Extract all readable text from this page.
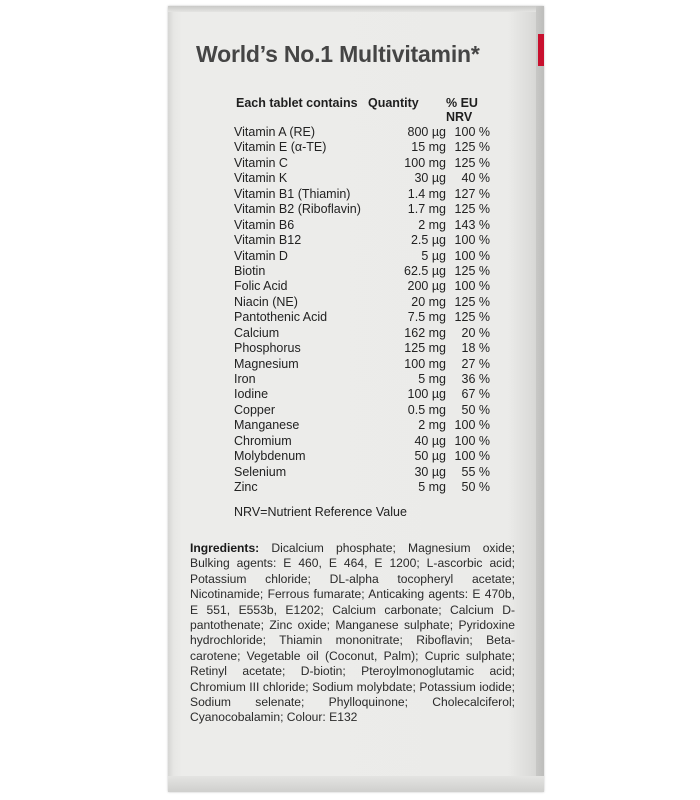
World’s No.1 Multivitamin*
Each tablet contains Quantity % EU
NRV
Vitamin A (RE)	800 µg 100 %
Vitamin E (α-TE)	15 mg 125 %
Vitamin C	100 mg 125 %
Vitamin K	30 µg	40 %
Vitamin B1 (Thiamin)	1.4 mg 127 %
Vitamin B2 (Riboflavin)	1.7 mg 125 %
Vitamin B6	2 mg 143 %
Vitamin B12	2.5 µg 100 %
Vitamin D	5 µg 100 %
Biotin	62.5 µg 125 %
Folic Acid	200 µg 100 %
Niacin (NE)	20 mg 125 %
Pantothenic Acid	7.5 mg 125 %
Calcium	162 mg	20 %
Phosphorus	125 mg	18 %
Magnesium	100 mg	27 %
Iron	5 mg	36 %
Iodine	100 µg	67 %
Copper	0.5 mg	50 %
Manganese	2 mg 100 %
Chromium	40 µg 100 %
Molybdenum	50 µg 100 %
Selenium	30 µg	55 %
Zinc	5 mg	50 %
NRV=Nutrient Reference Value
Ingredients: Dicalcium phosphate; Magnesium oxide; Bulking agents: E 460, E 464, E 1200; L-ascorbic acid; Potassium chloride; DL-alpha tocopheryl acetate; Nicotinamide; Ferrous fumarate; Anticaking agents: E 470b, E 551, E553b, E1202; Calcium carbonate; Calcium D-pantothenate; Zinc oxide; Manganese sulphate; Pyridoxine hydrochloride; Thiamin mononitrate; Riboflavin; Beta-carotene; Vegetable oil (Coconut, Palm); Cupric sulphate; Retinyl acetate; D-biotin; Pteroylmonoglutamic acid; Chromium III chloride; Sodium molybdate; Potassium iodide; Sodium selenate; Phylloquinone; Cholecalciferol; Cyanocobalamin; Colour: E132
